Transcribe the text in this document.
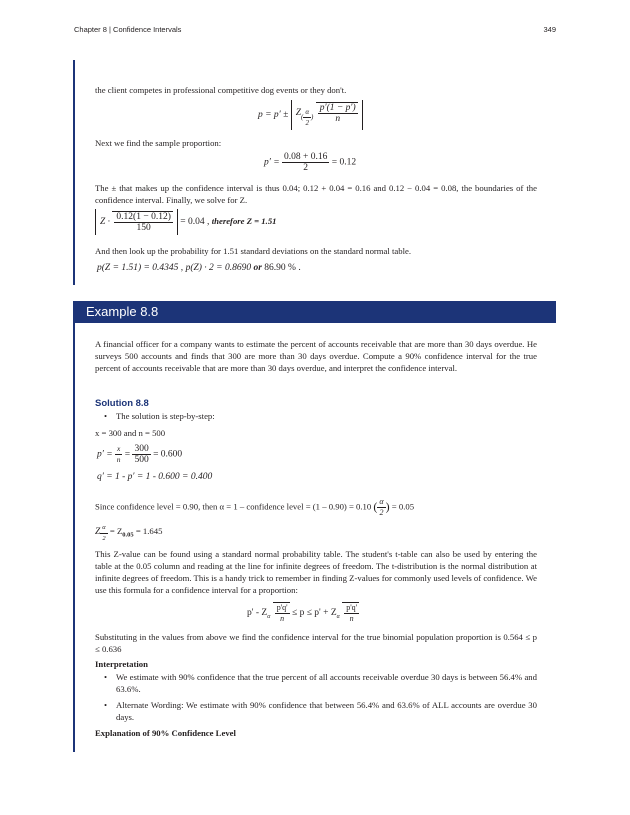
Chapter 8 | Confidence Intervals	349
the client competes in professional competitive dog events or they don't.
$p = p' \pm Z( \frac{\alpha}{2}$ ) $\frac{p'(1 - p')}{n}$
Next we find the sample proportion:
$p' = \frac{0.08 + 0.16}{2} = 0.12$
The ± that makes up the confidence interval is thus 0.04; 0.12 + 0.04 = 0.16 and 0.12 − 0.04 = 0.08, the boundaries of the confidence interval. Finally, we solve for Z.
$Z \cdot \frac{0.12(1 - 0.12)}{150} = 0.04$ , therefore Z = 1.51
And then look up the probability for 1.51 standard deviations on the standard normal table.
p(Z = 1.51) = 0.4345 , p(Z) · 2 = 0.8690 or 86.90 % .
Example 8.8
A financial officer for a company wants to estimate the percent of accounts receivable that are more than 30 days overdue. He surveys 500 accounts and finds that 300 are more than 30 days overdue. Compute a 90% confidence interval for the true percent of accounts receivable that are more than 30 days overdue, and interpret the confidence interval.
Solution 8.8
• The solution is step-by-step:
x = 300 and n = 500
$p' = \frac{x}{n} = \frac{300}{500} = 0.600$
q′ = 1 - p′ = 1 - 0.600 = 0.400
Since confidence level = 0.90, then α = 1 – confidence level = (1 – 0.90) = 0.10 ( $\frac{\alpha}{2}$ ) = 0.05
Z $\frac{\alpha}{2} = Z_{0.05} = 1.645$
This Z-value can be found using a standard normal probability table. The student's t-table can also be used by entering the table at the 0.05 column and reading at the line for infinite degrees of freedom. The t-distribution is the normal distribution at infinite degrees of freedom. This is a handy trick to remember in finding Z-values for commonly used levels of confidence. We use this formula for a confidence interval for a proportion:
$p' - Z_\alpha \frac{p'q'}{n} \le p \le p' + Z_\alpha \frac{p'q'}{n}$
Substituting in the values from above we find the confidence interval for the true binomial population proportion is 0.564 ≤ p ≤ 0.636
Interpretation
• We estimate with 90% confidence that the true percent of all accounts receivable overdue 30 days is between 56.4% and 63.6%.
• Alternate Wording: We estimate with 90% confidence that between 56.4% and 63.6% of ALL accounts are overdue 30 days.
Explanation of 90% Confidence Level
